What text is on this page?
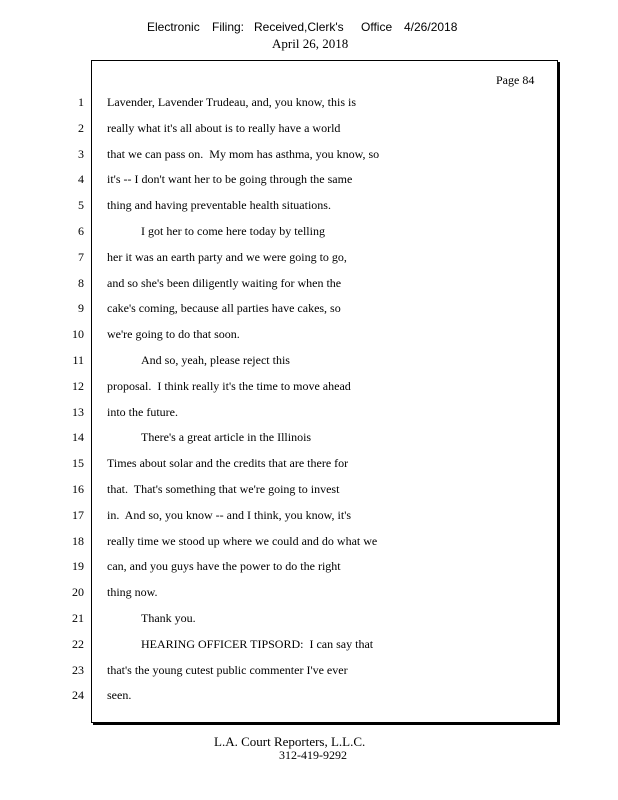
Electronic

Filing:

Received,Clerk's

Office

4/26/2018

April 26, 2018
Page 84
1 Lavender, Lavender Trudeau, and, you know, this is
2 really what it's all about is to really have a world
3 that we can pass on.  My mom has asthma, you know, so
4 it's -- I don't want her to be going through the same
5 thing and having preventable health situations.
6	I got her to come here today by telling
7 her it was an earth party and we were going to go,
8 and so she's been diligently waiting for when the
9 cake's coming, because all parties have cakes, so
10 we're going to do that soon.
11	And so, yeah, please reject this
12 proposal.  I think really it's the time to move ahead
13 into the future.
14	There's a great article in the Illinois
15 Times about solar and the credits that are there for
16 that.  That's something that we're going to invest
17 in.  And so, you know -- and I think, you know, it's
18 really time we stood up where we could and do what we
19 can, and you guys have the power to do the right
20 thing now.
21	Thank you.
22	HEARING OFFICER TIPSORD:  I can say that
23 that's the young cutest public commenter I've ever
24 seen.
L.A. Court Reporters, L.L.C.
312-419-9292
